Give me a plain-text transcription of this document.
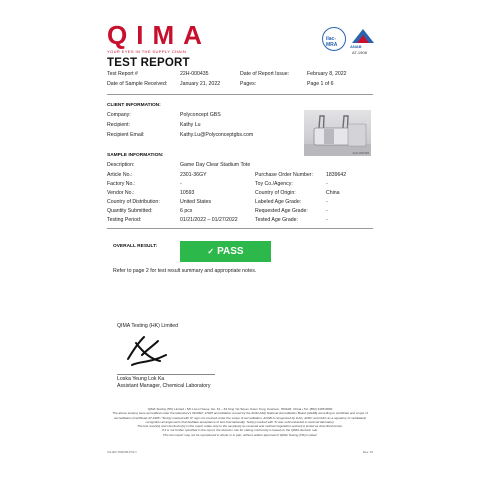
QIMA
YOUR EYES IN THE SUPPLY CHAIN
ilac-MRA	ANAB
AT-1908
TEST REPORT
Test Report #	22H-000435	Date of Report Issue:	February 8, 2022
Date of Sample Received: January 21, 2022	Pages:	Page 1 of 6
CLIENT INFORMATION:
Company:	Polyconcept GBS
Recipient:	Kathy Lu
Recipient Email:	Kathy.Lu@Polyconceptgbs.com
22H-000435
SAMPLE INFORMATION:
Description:	Game Day Clear Stadium Tote
Article No.:	2301-36GY	Purchase Order Number:	1839642
Factory No.:	-	Toy Co./Agency:	-
Vendor No.:	10593	Country of Origin:	China
Country of Distribution:	United States	Labeled Age Grade:	-
Quantity Submitted:	6 pcs	Requested Age Grade:	-
Testing Period:	01/21/2022 – 01/27/2022	Tested Age Grade:	-
OVERALL RESULT:
✓ PASS
Refer to page 2 for test result summary and appropriate notes.
QIMA Testing (HK) Limited
Loska Yeung Lok Ka
Assistant Manager, Chemical Laboratory
QIMA Testing (HK) Limited • 5/F Liven House, No. 61 – 63 King Yip Street, Kwun Tong, Kowloon, HKSAR, China • Tel: (852) 3185 8800
The above tests(s) were accredited under the laboratory's ISO/IEC 17025 accreditation issued by the ANSI-ASQ National Accreditation Board (ANAB) according to certificate and scope of accreditation (Certificate AT-1908 / Test(s) marked with 'R' sign not covered under the scope of accreditation. ANAB is recognized by ILAC, APAC and IAAC as a signatory of multilateral recognition arrangements that facilitate acceptance of test internationally. Test(s) marked with 'S' was subcontracted to external laboratory.
The test result(s) and conclusion(s) in this report relate only to the sample(s) as received and method /regulation section(s) tested as described herein.
If it is not further specified in the report, the decision rule for stating conformity is based on the QIMA decision rule.
This test report may not be reproduced in whole or in part, without written approval of QIMA Testing (HK) Limited.
CS-RR-TR0005-POLY	Rev. 19
